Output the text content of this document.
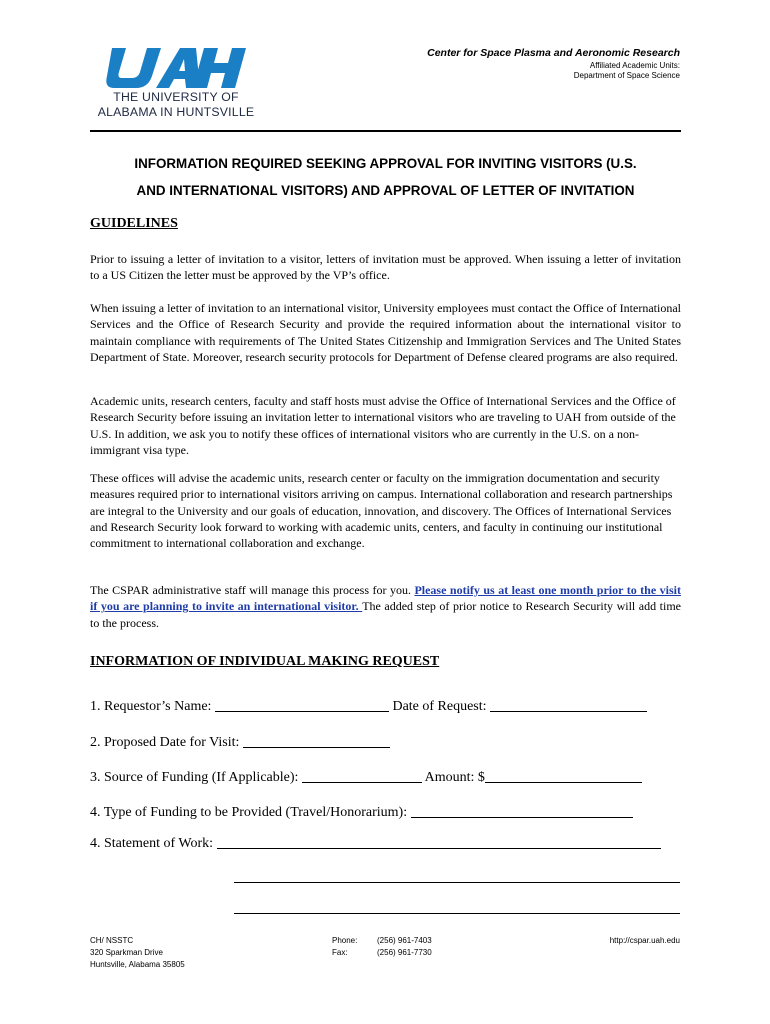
THE UNIVERSITY OF
ALABAMA IN HUNTSVILLE
Center for Space Plasma and Aeronomic Research
Affiliated Academic Units:
Department of Space Science
INFORMATION REQUIRED SEEKING APPROVAL FOR INVITING VISITORS (U.S.
AND INTERNATIONAL VISITORS) AND APPROVAL OF LETTER OF INVITATION
GUIDELINES

Prior to issuing a letter of invitation to a visitor, letters of invitation must be approved. When issuing a letter of invitation to a US Citizen the letter must be approved by the VP’s office.

When issuing a letter of invitation to an international visitor, University employees must contact the Office of International Services and the Office of Research Security and provide the required information about the international visitor to maintain compliance with requirements of The United States Citizenship and Immigration Services and The United States Department of State. Moreover, research security protocols for Department of Defense cleared programs are also required.

Academic units, research centers, faculty and staff hosts must advise the Office of International Services and the Office of Research Security before issuing an invitation letter to international visitors who are traveling to UAH from outside of the U.S. In addition, we ask you to notify these offices of international visitors who are currently in the U.S. on a non-immigrant visa type.

These offices will advise the academic units, research center or faculty on the immigration documentation and security measures required prior to international visitors arriving on campus. International collaboration and research partnerships are integral to the University and our goals of education, innovation, and discovery. The Offices of International Services and Research Security look forward to working with academic units, centers, and faculty in continuing our institutional commitment to international collaboration and exchange.

The CSPAR administrative staff will manage this process for you. Please notify us at least one month prior to the visit if you are planning to invite an international visitor. The added step of prior notice to Research Security will add time to the process.

INFORMATION OF INDIVIDUAL MAKING REQUEST
1. Requestor’s Name:	Date of Request:
2. Proposed Date for Visit:
3. Source of Funding (If Applicable):	Amount: $
4. Type of Funding to be Provided (Travel/Honorarium):
4. Statement of Work:
CH/ NSSTC
320 Sparkman Drive
Huntsville, Alabama 35805
Phone:
Fax:
(256) 961-7403
(256) 961-7730
http://cspar.uah.edu
